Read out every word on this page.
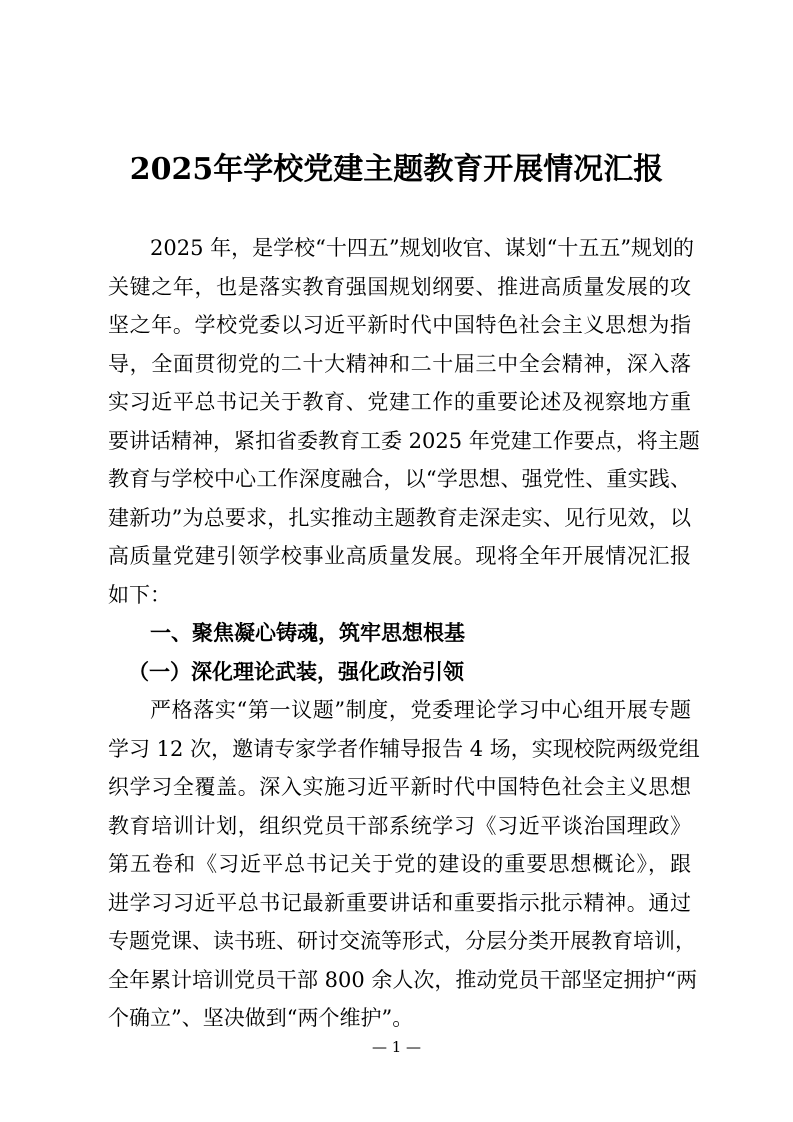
2025年学校党建主题教育开展情况汇报
2025 年，是学校“十四五”规划收官、谋划“十五五”规划的
关键之年，也是落实教育强国规划纲要、推进高质量发展的攻
坚之年。学校党委以习近平新时代中国特色社会主义思想为指
导，全面贯彻党的二十大精神和二十届三中全会精神，深入落
实习近平总书记关于教育、党建工作的重要论述及视察地方重
要讲话精神，紧扣省委教育工委 2025 年党建工作要点，将主题
教育与学校中心工作深度融合，以“学思想、强党性、重实践、
建新功”为总要求，扎实推动主题教育走深走实、见行见效，以
高质量党建引领学校事业高质量发展。现将全年开展情况汇报
如下：
一、聚焦凝心铸魂，筑牢思想根基
（一）深化理论武装，强化政治引领
严格落实“第一议题”制度，党委理论学习中心组开展专题
学习 12 次，邀请专家学者作辅导报告 4 场，实现校院两级党组
织学习全覆盖。深入实施习近平新时代中国特色社会主义思想
教育培训计划，组织党员干部系统学习《习近平谈治国理政》
第五卷和《习近平总书记关于党的建设的重要思想概论》，跟
进学习习近平总书记最新重要讲话和重要指示批示精神。通过
专题党课、读书班、研讨交流等形式，分层分类开展教育培训，
全年累计培训党员干部 800 余人次，推动党员干部坚定拥护“两
个确立”、坚决做到“两个维护”。
— 1 —
